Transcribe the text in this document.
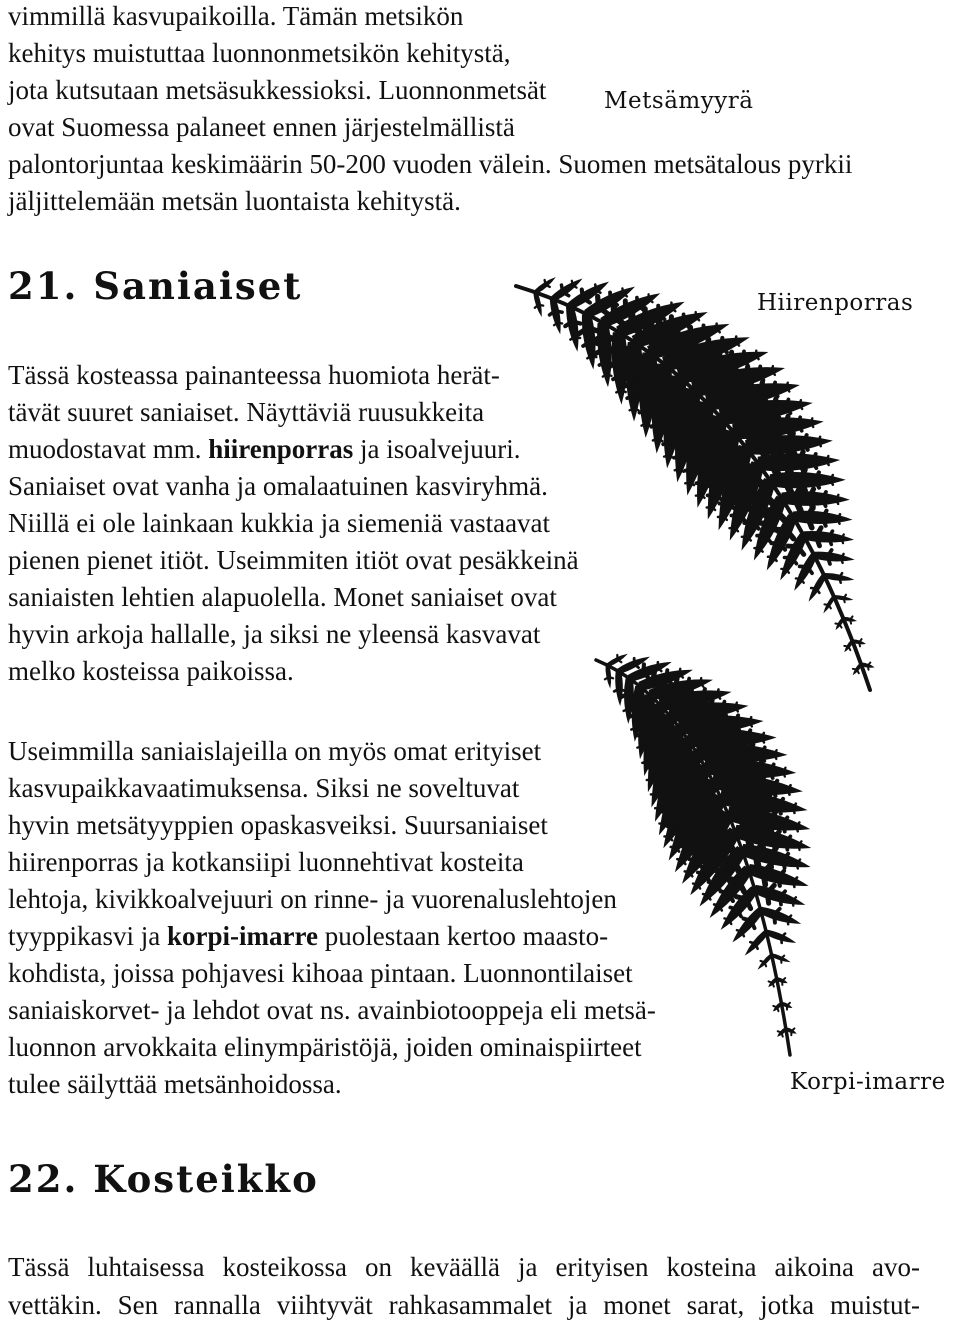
vimmillä kasvupaikoilla. Tämän metsikön
kehitys muistuttaa luonnonmetsikön kehitystä,
jota kutsutaan metsäsukkessioksi. Luonnonmetsät
ovat Suomessa palaneet ennen järjestelmällistä
palontorjuntaa keskimäärin 50-200 vuoden välein. Suomen metsätalous pyrkii
jäljittelemään metsän luontaista kehitystä.
Metsämyyrä
21. Saniaiset	Hiirenporras
Tässä kosteassa painanteessa huomiota herät-
tävät suuret saniaiset. Näyttäviä ruusukkeita
muodostavat mm. hiirenporras ja isoalvejuuri.
Saniaiset ovat vanha ja omalaatuinen kasviryhmä.
Niillä ei ole lainkaan kukkia ja siemeniä vastaavat
pienen pienet itiöt. Useimmiten itiöt ovat pesäkkeinä
saniaisten lehtien alapuolella. Monet saniaiset ovat
hyvin arkoja hallalle, ja siksi ne yleensä kasvavat
melko kosteissa paikoissa.
Useimmilla saniaislajeilla on myös omat erityiset
kasvupaikkavaatimuksensa. Siksi ne soveltuvat
hyvin metsätyyppien opaskasveiksi. Suursaniaiset
hiirenporras ja kotkansiipi luonnehtivat kosteita
lehtoja, kivikkoalvejuuri on rinne- ja vuorenaluslehtojen
tyyppikasvi ja korpi-imarre puolestaan kertoo maasto-
kohdista, joissa pohjavesi kihoaa pintaan. Luonnontilaiset
saniaiskorvet- ja lehdot ovat ns. avainbiotooppeja eli metsä-
luonnon arvokkaita elinympäristöjä, joiden ominaispiirteet
tulee säilyttää metsänhoidossa.	Korpi-imarre
22. Kosteikko
Tässä luhtaisessa kosteikossa on keväällä ja erityisen kosteina aikoina avo-
vettäkin. Sen rannalla viihtyvät rahkasammalet ja monet sarat, jotka muistut-
